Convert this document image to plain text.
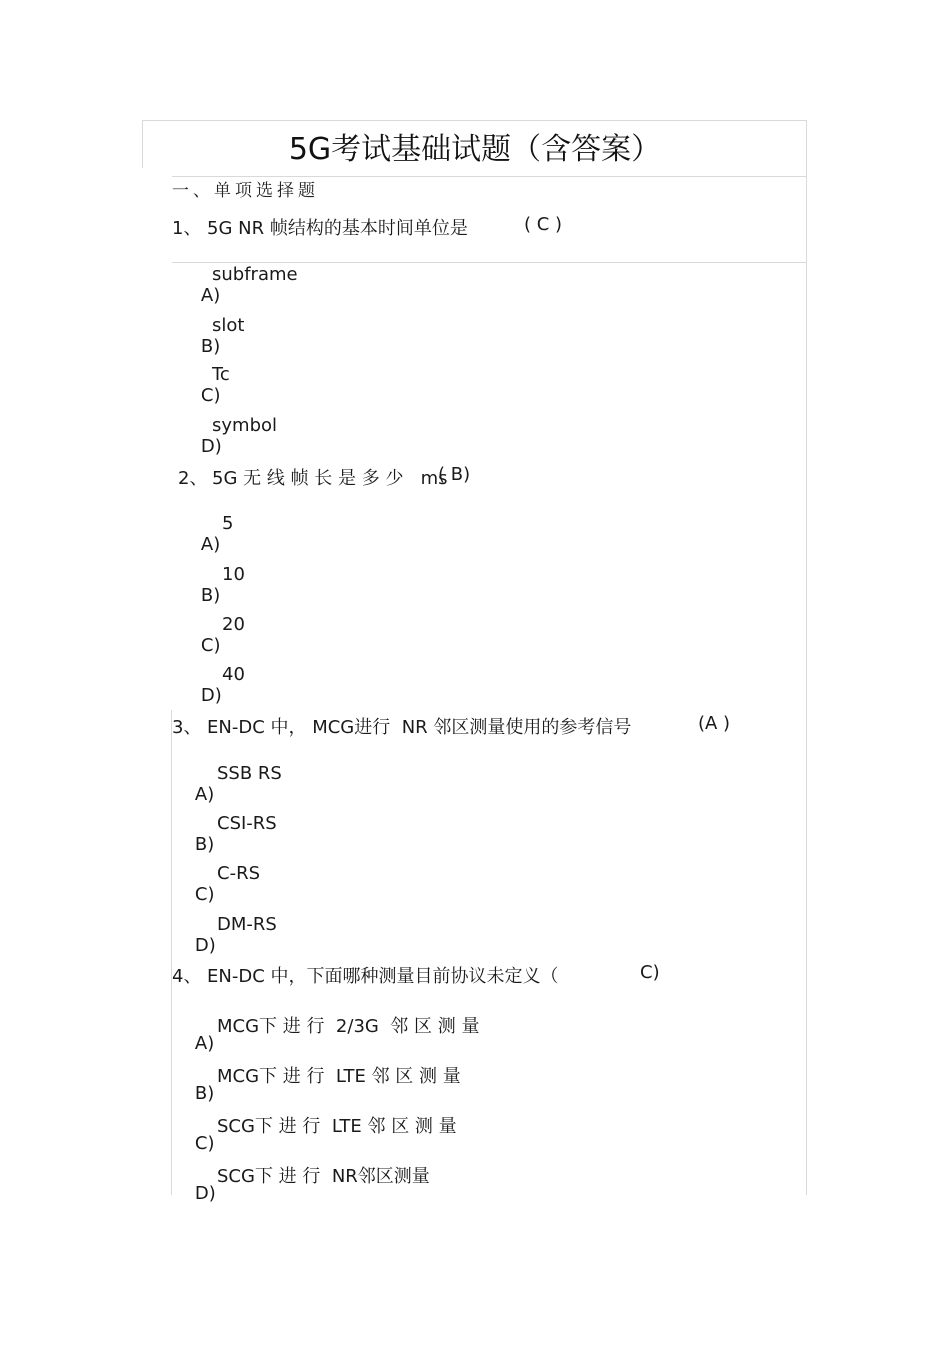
5G考试基础试题（含答案）
一、单项选择题
1、 5G NR 帧结构的基本时间单位是	( C )

A)

subframe

B)

slot

C)

Tc

D)

symbol

2、 5G 无 线 帧 长 是 多 少   ms
( B)

A)

5

B)

10

C)

20

D)

40

3、 EN-DC 中， MCG进行  NR 邻区测量使用的参考信号	(A )

A)

SSB RS

B)

CSI-RS

C)

C-RS

D)

DM-RS

4、 EN-DC 中，下面哪种测量目前协议未定义（	C)

A)

MCG下 进 行  2/3G  邻 区 测 量

B)

MCG下 进 行  LTE 邻 区 测 量

C)

SCG下 进 行  LTE 邻 区 测 量

D)

SCG下 进 行  NR邻区测量
